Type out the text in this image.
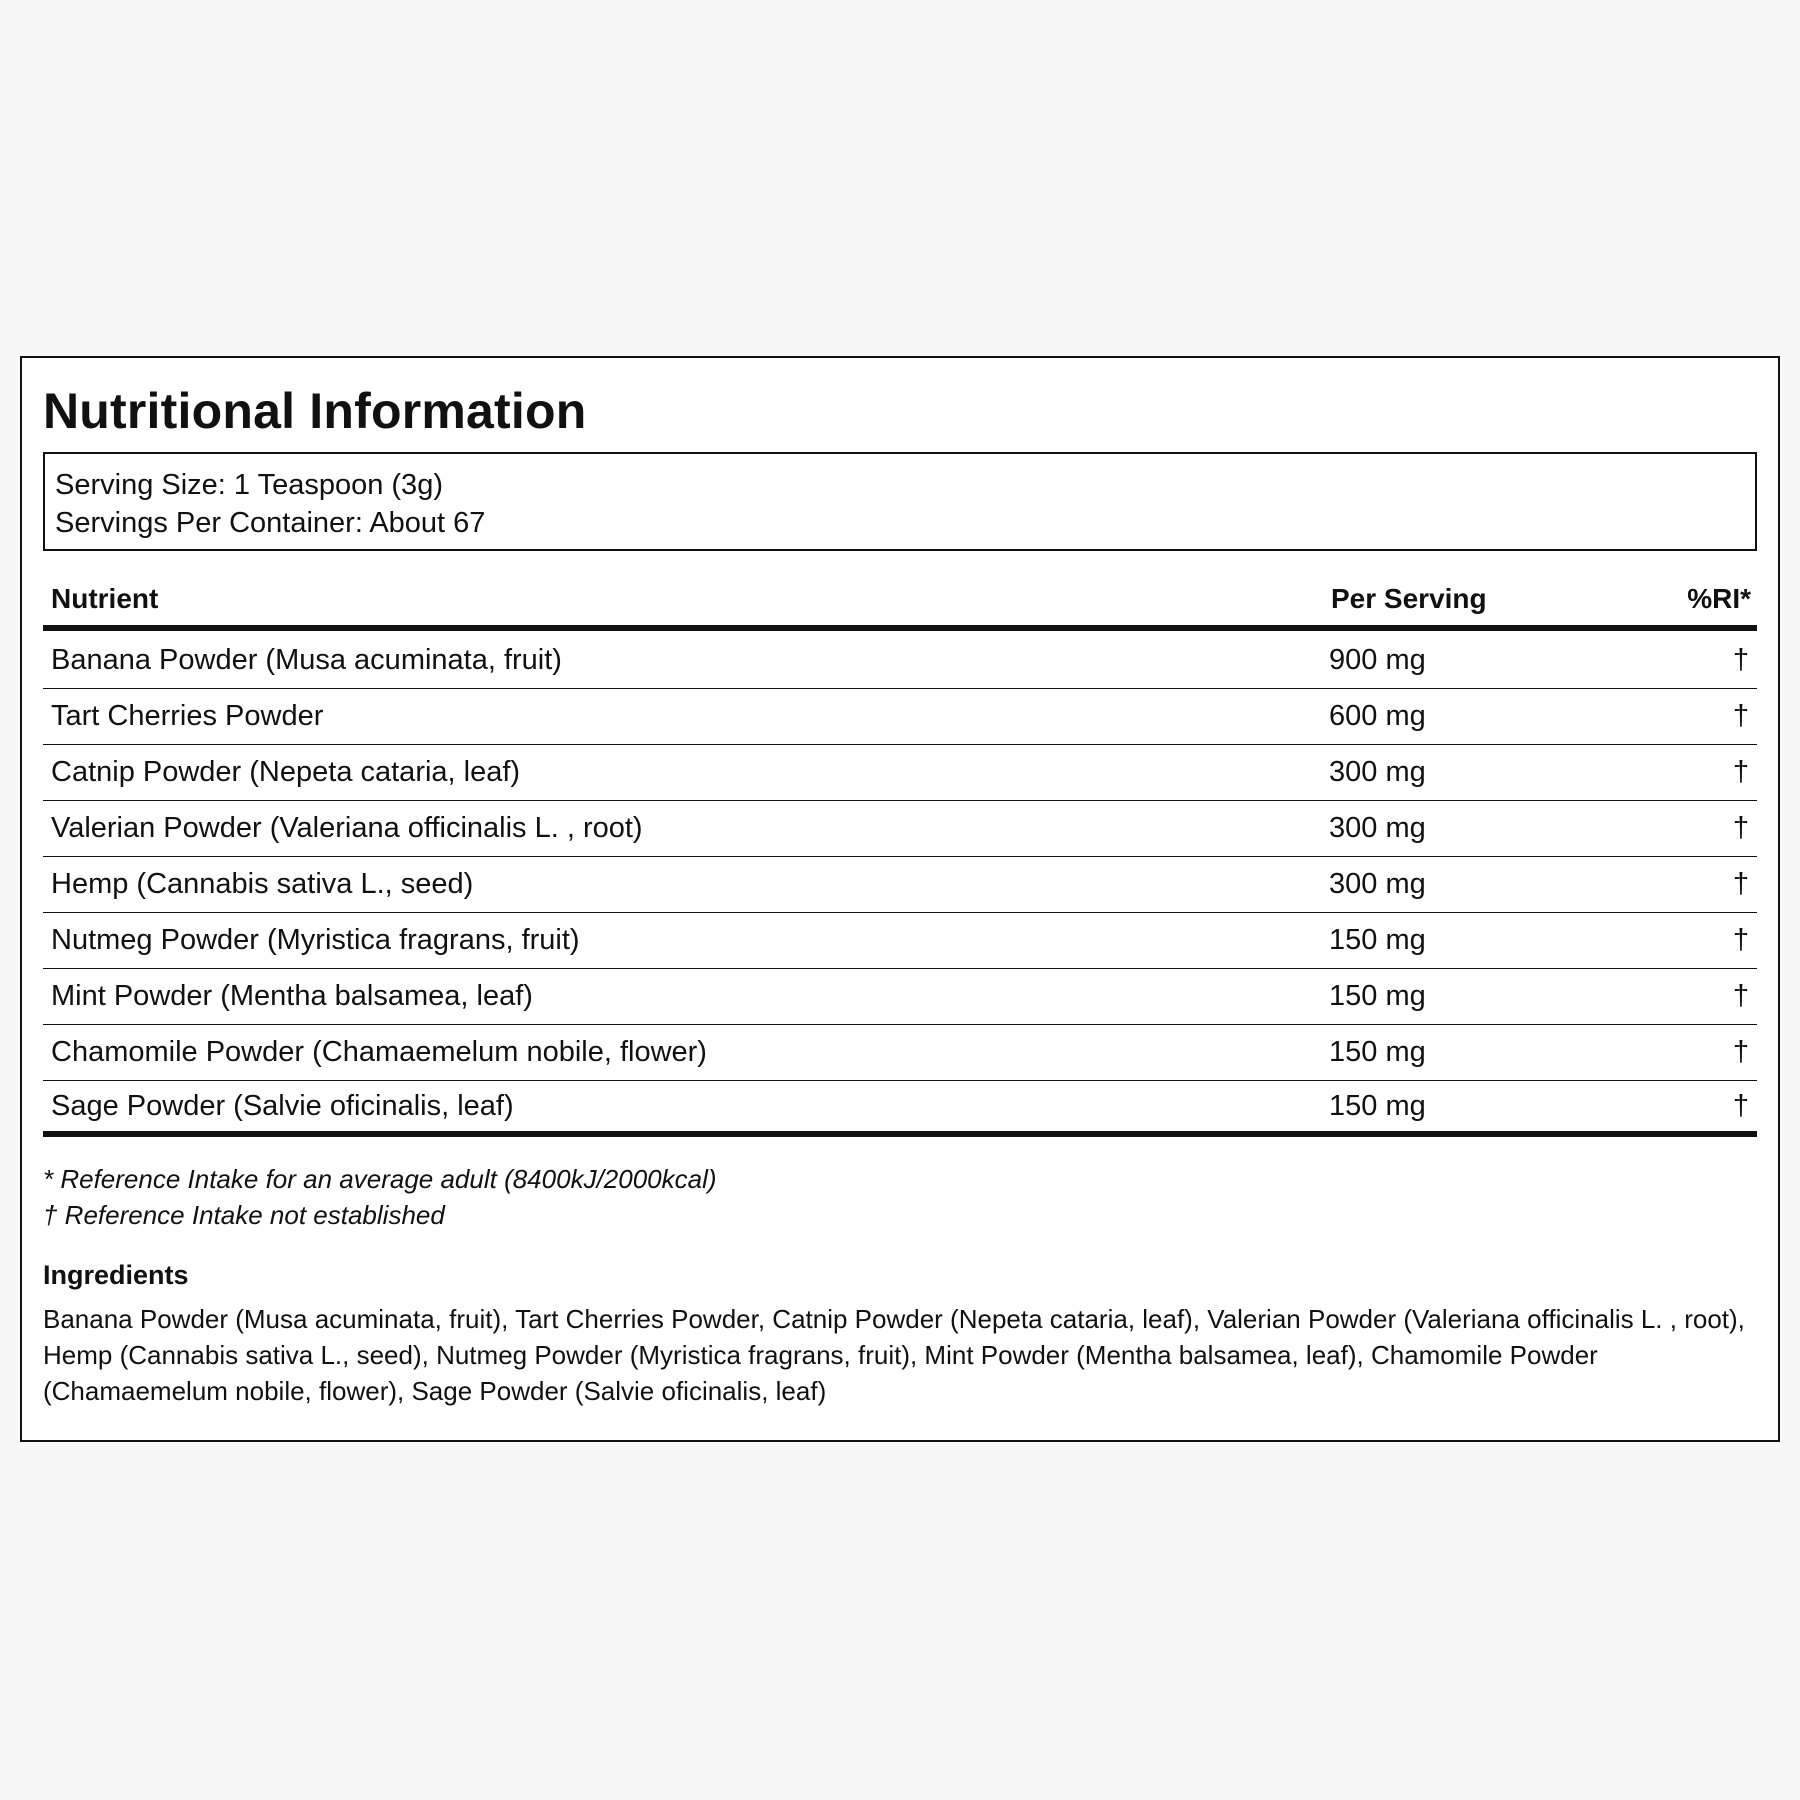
Nutritional Information
Serving Size: 1 Teaspoon (3g)
Servings Per Container: About 67
Nutrient	Per Serving	%RI*
Banana Powder (Musa acuminata, fruit)	900 mg	†
Tart Cherries Powder	600 mg	†
Catnip Powder (Nepeta cataria, leaf)	300 mg	†
Valerian Powder (Valeriana officinalis L. , root)	300 mg	†
Hemp (Cannabis sativa L., seed)	300 mg	†
Nutmeg Powder (Myristica fragrans, fruit)	150 mg	†
Mint Powder (Mentha balsamea, leaf)	150 mg	†
Chamomile Powder (Chamaemelum nobile, flower)	150 mg	†
Sage Powder (Salvie oficinalis, leaf)	150 mg	†
* Reference Intake for an average adult (8400kJ/2000kcal)
† Reference Intake not established
Ingredients
Banana Powder (Musa acuminata, fruit), Tart Cherries Powder, Catnip Powder (Nepeta cataria, leaf), Valerian Powder (Valeriana officinalis L. , root), Hemp (Cannabis sativa L., seed), Nutmeg Powder (Myristica fragrans, fruit), Mint Powder (Mentha balsamea, leaf), Chamomile Powder (Chamaemelum nobile, flower), Sage Powder (Salvie oficinalis, leaf)
